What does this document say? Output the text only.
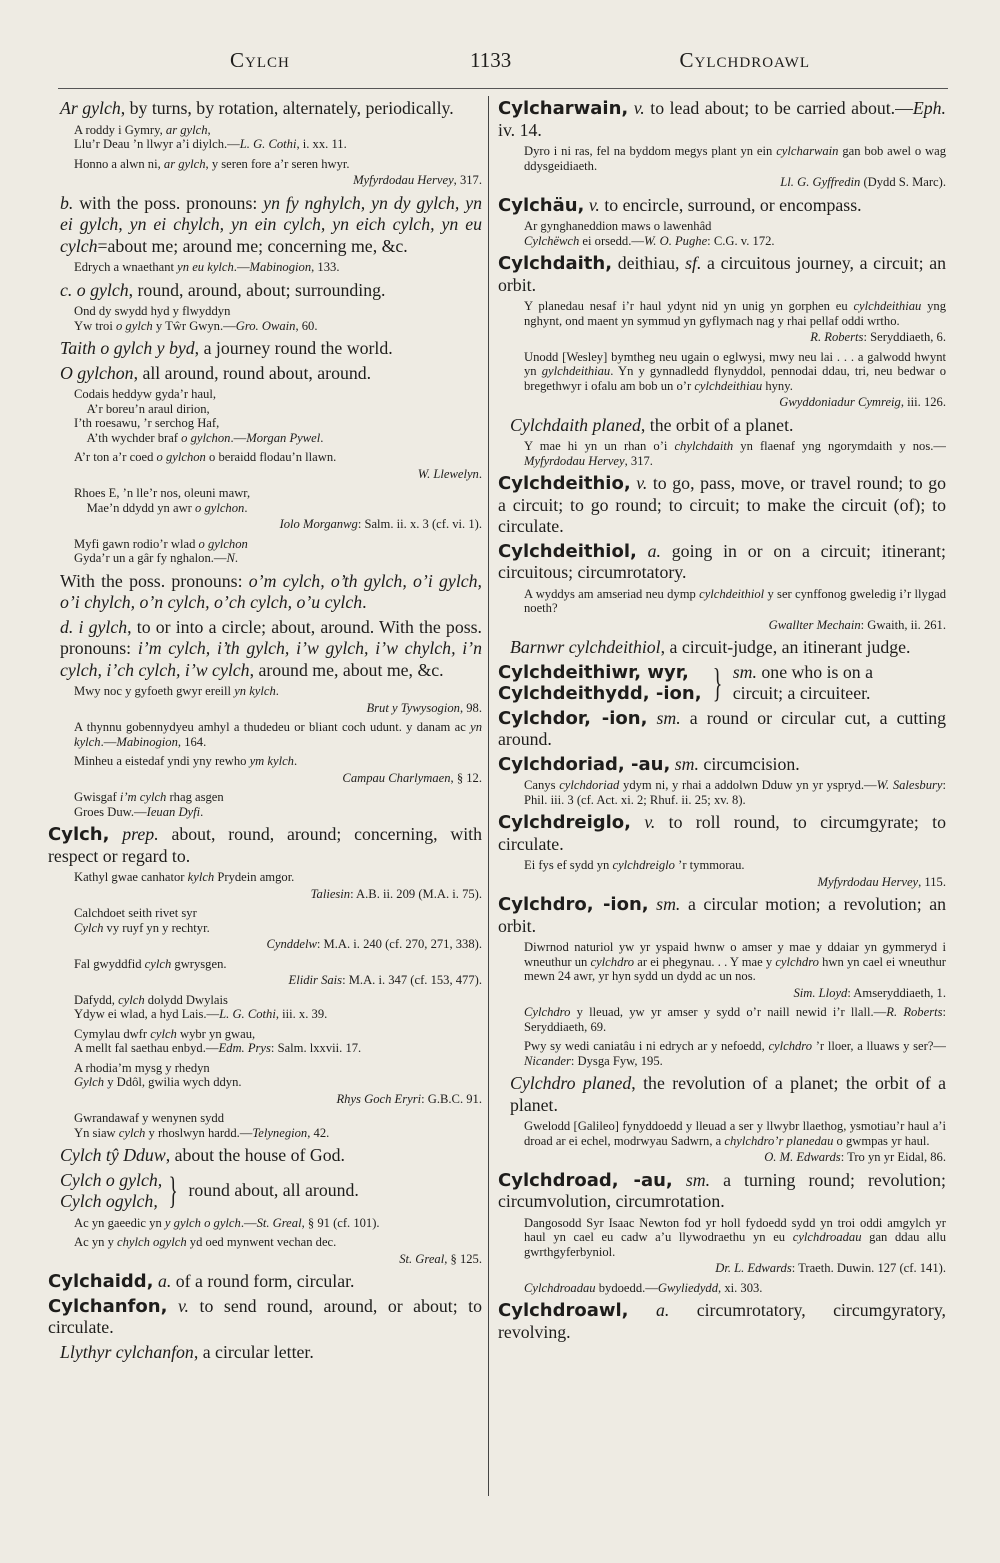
Cylch	1133	Cylchdroawl
Ar gylch, by turns, by rotation, alternately, periodically.
A roddy i Gymry, ar gylch,
Llu’r Deau ’n llwyr a’i diylch.—L. G. Cothi, i. xx. 11.
Honno a alwn ni, ar gylch, y seren fore a’r seren hwyr.
Myfyrdodau Hervey, 317.
b. with the poss. pronouns: yn fy nghylch, yn dy gylch, yn ei gylch, yn ei chylch, yn ein cylch, yn eich cylch, yn eu cylch=about me; around me; concerning me, &c.
Edrych a wnaethant yn eu kylch.—Mabinogion, 133.
c. o gylch, round, around, about; surrounding.
Ond dy swydd hyd y flwyddyn
Yw troi o gylch y Tŵr Gwyn.—Gro. Owain, 60.
Taith o gylch y byd, a journey round the world.
O gylchon, all around, round about, around.
Codais heddyw gyda’r haul,
A’r boreu’n araul dirion,
I’th roesawu, ’r serchog Haf,
A’th wychder braf o gylchon.—Morgan Pywel.
A’r ton a’r coed o gylchon o beraidd flodau’n llawn.
W. Llewelyn.
Rhoes E, ’n lle’r nos, oleuni mawr,
Mae’n ddydd yn awr o gylchon.
Iolo Morganwg: Salm. ii. x. 3 (cf. vi. 1).
Myfi gawn rodio’r wlad o gylchon
Gyda’r un a gâr fy nghalon.—N.
With the poss. pronouns: o’m cylch, o’th gylch, o’i gylch, o’i chylch, o’n cylch, o’ch cylch, o’u cylch.
d. i gylch, to or into a circle; about, around. With the poss. pronouns: i’m cylch, i’th gylch, i’w gylch, i’w chylch, i’n cylch, i’ch cylch, i’w cylch, around me, about me, &c.
Mwy noc y gyfoeth gwyr ereill yn kylch.
Brut y Tywysogion, 98.
A thynnu gobennydyeu amhyl a thudedeu or bliant coch udunt. y danam ac yn kylch.—Mabinogion, 164.
Minheu a eistedaf yndi yny rewho ym kylch.
Campau Charlymaen, § 12.
Gwisgaf i’m cylch rhag asgen
Groes Duw.—Ieuan Dyfi.
Cylch, prep. about, round, around; concerning, with respect or regard to.
Kathyl gwae canhator kylch Prydein amgor.
Taliesin: A.B. ii. 209 (M.A. i. 75).
Calchdoet seith rivet syr
Cylch vy ruyf yn y rechtyr.
Cynddelw: M.A. i. 240 (cf. 270, 271, 338).
Fal gwyddfid cylch gwrysgen.
Elidir Sais: M.A. i. 347 (cf. 153, 477).
Dafydd, cylch dolydd Dwylais
Ydyw ei wlad, a hyd Lais.—L. G. Cothi, iii. x. 39.
Cymylau dwfr cylch wybr yn gwau,
A mellt fal saethau enbyd.—Edm. Prys: Salm. lxxvii. 17.
A rhodia’m mysg y rhedyn
Gylch y Ddôl, gwilia wych ddyn.
Rhys Goch Eryri: G.B.C. 91.
Gwrandawaf y wenynen sydd
Yn siaw cylch y rhoslwyn hardd.—Telynegion, 42.
Cylch tŷ Dduw, about the house of God.
Cylch o gylch,
Cylch ogylch, } round about, all around.
Ac yn gaeedic yn y gylch o gylch.—St. Greal, § 91 (cf. 101).
Ac yn y chylch ogylch yd oed mynwent vechan dec.
St. Greal, § 125.
Cylchaidd, a. of a round form, circular.
Cylchanfon, v. to send round, around, or about; to circulate.
Llythyr cylchanfon, a circular letter.
Cylcharwain, v. to lead about; to be carried about.—Eph. iv. 14.
Dyro i ni ras, fel na byddom megys plant yn ein cylcharwain gan bob awel o wag ddysgeidiaeth.
Ll. G. Gyffredin (Dydd S. Marc).
Cylchäu, v. to encircle, surround, or encompass.
Ar gynghaneddion maws o lawenhâd
Cylchëwch ei orsedd.—W. O. Pughe: C.G. v. 172.
Cylchdaith, deithiau, sf. a circuitous journey, a circuit; an orbit.
Y planedau nesaf i’r haul ydynt nid yn unig yn gorphen eu cylchdeithiau yng nghynt, ond maent yn symmud yn gyflymach nag y rhai pellaf oddi wrtho.
R. Roberts: Seryddiaeth, 6.
Unodd [Wesley] bymtheg neu ugain o eglwysi, mwy neu lai . . . a galwodd hwynt yn gylchdeithiau. Yn y gynnadledd flynyddol, pennodai ddau, tri, neu bedwar o bregethwyr i ofalu am bob un o’r cylchdeithiau hyny.
Gwyddoniadur Cymreig, iii. 126.
Cylchdaith planed, the orbit of a planet.
Y mae hi yn un rhan o’i chylchdaith yn flaenaf yng ngorymdaith y nos.—Myfyrdodau Hervey, 317.
Cylchdeithio, v. to go, pass, move, or travel round; to go a circuit; to go round; to circuit; to make the circuit (of); to circulate.
Cylchdeithiol, a. going in or on a circuit; itinerant; circuitous; circumrotatory.
A wyddys am amseriad neu dymp cylchdeithiol y ser cynffonog gweledig i’r llygad noeth?
Gwallter Mechain: Gwaith, ii. 261.
Barnwr cylchdeithiol, a circuit-judge, an itinerant judge.
Cylchdeithiwr, wyr,
Cylchdeithydd, -ion, } sm. one who is on a
circuit; a circuiteer.
Cylchdor, -ion, sm. a round or circular cut, a cutting around.
Cylchdoriad, -au, sm. circumcision.
Canys cylchdoriad ydym ni, y rhai a addolwn Dduw yn yr yspryd.—W. Salesbury: Phil. iii. 3 (cf. Act. xi. 2; Rhuf. ii. 25; xv. 8).
Cylchdreiglo, v. to roll round, to circumgyrate; to circulate.
Ei fys ef sydd yn cylchdreiglo ’r tymmorau.
Myfyrdodau Hervey, 115.
Cylchdro, -ion, sm. a circular motion; a revolution; an orbit.
Diwrnod naturiol yw yr yspaid hwnw o amser y mae y ddaiar yn gymmeryd i wneuthur un cylchdro ar ei phegynau. . . Y mae y cylchdro hwn yn cael ei wneuthur mewn 24 awr, yr hyn sydd un dydd ac un nos.
Sim. Lloyd: Amseryddiaeth, 1.
Cylchdro y lleuad, yw yr amser y sydd o’r naill newid i’r llall.—R. Roberts: Seryddiaeth, 69.
Pwy sy wedi caniatâu i ni edrych ar y nefoedd, cylchdro ’r lloer, a lluaws y ser?—Nicander: Dysga Fyw, 195.
Cylchdro planed, the revolution of a planet; the orbit of a planet.
Gwelodd [Galileo] fynyddoedd y lleuad a ser y llwybr llaethog, ysmotiau’r haul a’i droad ar ei echel, modrwyau Sadwrn, a chylchdro’r planedau o gwmpas yr haul.
O. M. Edwards: Tro yn yr Eidal, 86.
Cylchdroad, -au, sm. a turning round; revolution; circumvolution, circumrotation.
Dangosodd Syr Isaac Newton fod yr holl fydoedd sydd yn troi oddi amgylch yr haul yn cael eu cadw a’u llywodraethu yn eu cylchdroadau gan ddau allu gwrthgyferbyniol.
Dr. L. Edwards: Traeth. Duwin. 127 (cf. 141).
Cylchdroadau bydoedd.—Gwyliedydd, xi. 303.
Cylchdroawl, a. circumrotatory, circumgyratory, revolving.
